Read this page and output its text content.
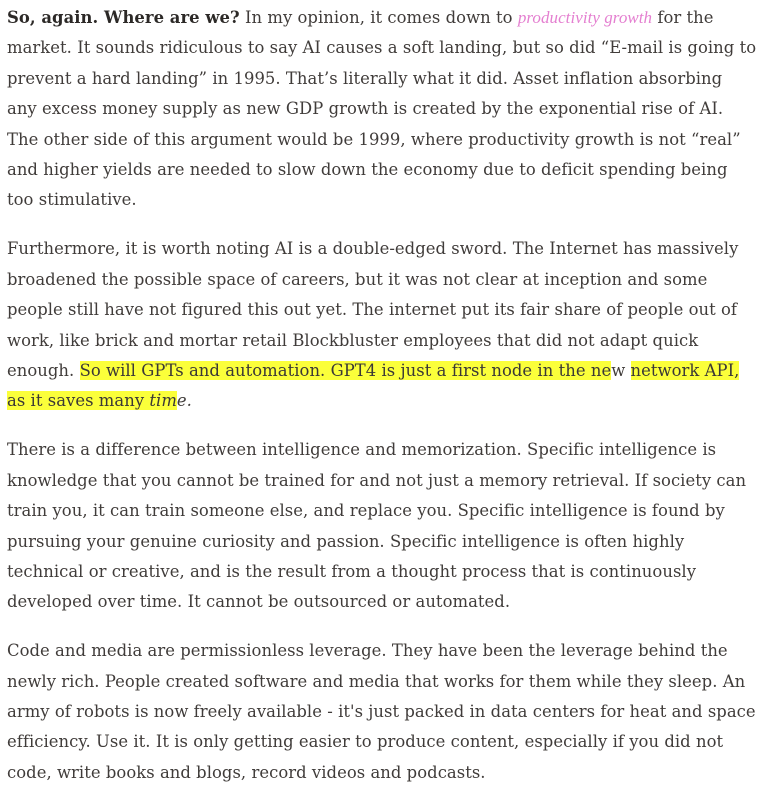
So, again. Where are we? In my opinion, it comes down to productivity growth for the market. It sounds ridiculous to say AI causes a soft landing, but so did “E-mail is going to prevent a hard landing” in 1995. That’s literally what it did. Asset inflation absorbing any excess money supply as new GDP growth is created by the exponential rise of AI. The other side of this argument would be 1999, where productivity growth is not “real” and higher yields are needed to slow down the economy due to deficit spending being too stimulative.

Furthermore, it is worth noting AI is a double-edged sword. The Internet has massively broadened the possible space of careers, but it was not clear at inception and some people still have not figured this out yet. The internet put its fair share of people out of work, like brick and mortar retail Blockbluster employees that did not adapt quick enough. So will GPTs and automation. GPT4 is just a first node in the new network API, as it saves many time.

There is a difference between intelligence and memorization. Specific intelligence is knowledge that you cannot be trained for and not just a memory retrieval. If society can train you, it can train someone else, and replace you. Specific intelligence is found by pursuing your genuine curiosity and passion. Specific intelligence is often highly technical or creative, and is the result from a thought process that is continuously developed over time. It cannot be outsourced or automated.

Code and media are permissionless leverage. They have been the leverage behind the newly rich. People created software and media that works for them while they sleep. An army of robots is now freely available - it's just packed in data centers for heat and space efficiency. Use it. It is only getting easier to produce content, especially if you did not code, write books and blogs, record videos and podcasts.
